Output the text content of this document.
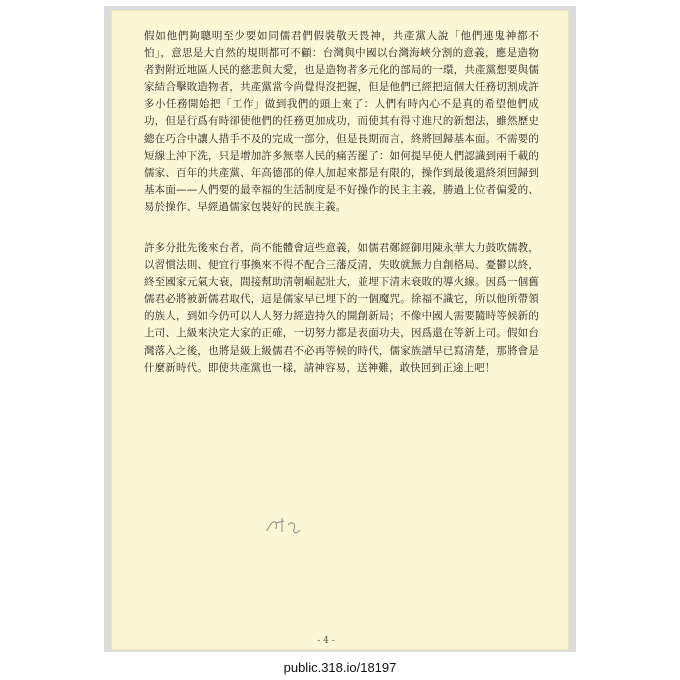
假如他們夠聰明至少要如同儒君們假裝敬天畏神，共產黨人說「他們連鬼神都不怕」，意思是大自然的規則都可不顧：台灣與中國以台灣海峽分割的意義，應是造物者對附近地區人民的慈悲與大愛，也是造物者多元化的部局的一環，共產黨想要與儒家結合擊敗造物者，共產黨當今尚覺得沒把握，但是他們已經把這個大任務切割成許多小任務開始把「工作」做到我們的頭上來了：人們有時內心不是真的希望他們成功，但是行爲有時卻使他們的任務更加成功，而使其有得寸進尺的新想法，雖然歷史總在巧合中讓人措手不及的完成一部分，但是長期而言，終將回歸基本面。不需要的短線上沖下洗，只是增加許多無辜人民的痛苦罷了：如何提早使人們認識到兩千載的儒家、百年的共產黨、年高德邵的偉人加起來都是有限的，操作到最後還終須回歸到基本面——人們要的最幸福的生活制度是不好操作的民主主義，勝過上位者偏愛的、易於操作、早經過儒家包裝好的民族主義。

許多分批先後來台者，尚不能體會這些意義，如儒君鄭經御用陳永華大力鼓吹儒教，以習慣法則、便宜行事換來不得不配合三藩反清，失敗就無力自創格局、憂鬱以終，終至國家元氣大衰，間接幫助清朝崛起壯大，並埋下清末衰敗的導火線。因爲一個舊儒君必將被新儒君取代，這是儒家早已埋下的一個魔咒。徐福不識它，所以他所帶領的族人，到如今仍可以人人努力經造持久的開創新局；不像中國人需要隨時等候新的上司、上級來決定大家的正確，一切努力都是表面功夫，因爲還在等新上司。假如台灣落入之後，也將是級上級儒君不必再等候的時代，儒家族譜早已寫清楚，那將會是什麼新時代。即使共產黨也一樣，請神容易，送神難，敢快回到正途上吧！

- 4 -
public.318.io/18197
